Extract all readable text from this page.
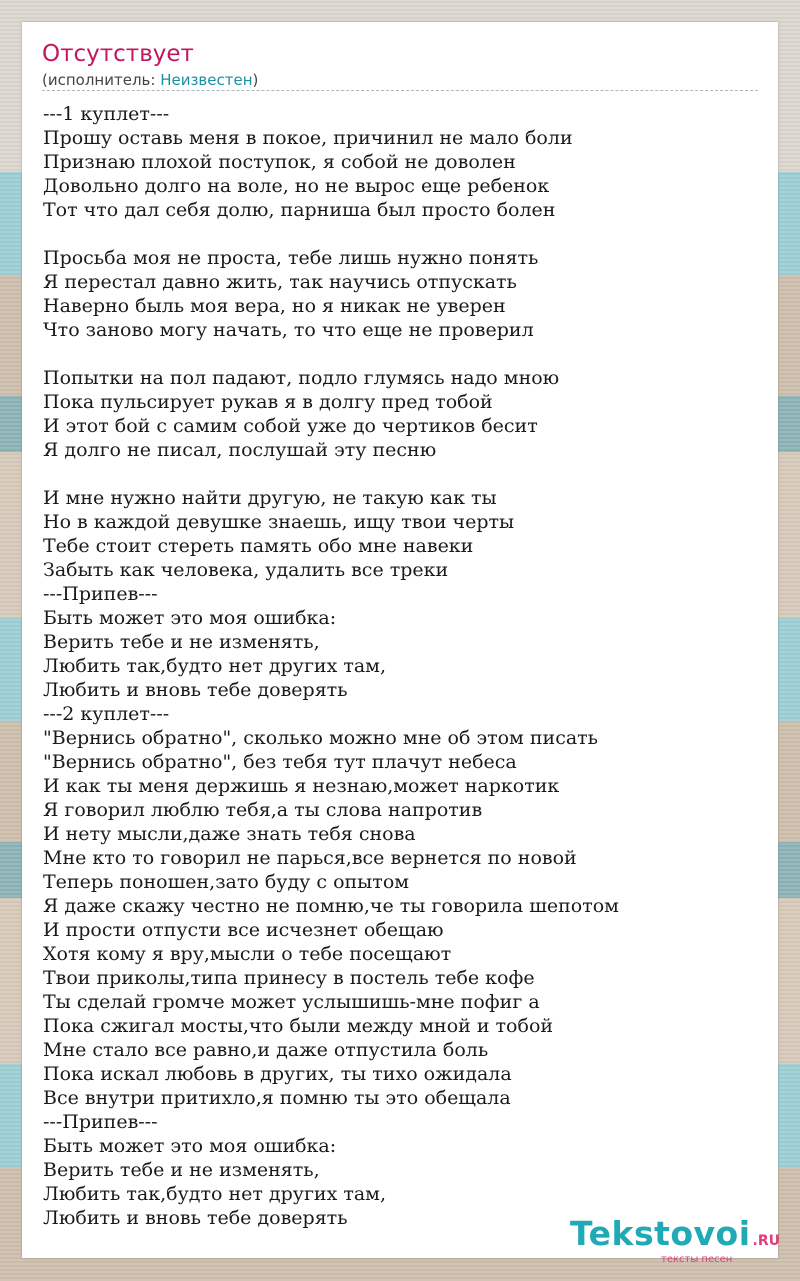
Отсутствует
(исполнитель: Неизвестен)
---1 куплет---
Прошу оставь меня в покое, причинил не мало боли
Признаю плохой поступок, я собой не доволен
Довольно долго на воле, но не вырос еще ребенок
Тот что дал себя долю, парниша был просто болен
Просьба моя не проста, тебе лишь нужно понять
Я перестал давно жить, так научись отпускать
Наверно быль моя вера, но я никак не уверен
Что заново могу начать, то что еще не проверил
Попытки на пол падают, подло глумясь надо мною
Пока пульсирует рукав я в долгу пред тобой
И этот бой с самим собой уже до чертиков бесит
Я долго не писал, послушай эту песню
И мне нужно найти другую, не такую как ты
Но в каждой девушке знаешь, ищу твои черты
Тебе стоит стереть память обо мне навеки
Забыть как человека, удалить все треки
---Припев---
Быть может это моя ошибка:
Верить тебе и не изменять,
Любить так,будто нет других там,
Любить и вновь тебе доверять
---2 куплет---
"Вернись обратно", сколько можно мне об этом писать
"Вернись обратно", без тебя тут плачут небеса
И как ты меня держишь я незнаю,может наркотик
Я говорил люблю тебя,а ты слова напротив
И нету мысли,даже знать тебя снова
Мне кто то говорил не парься,все вернется по новой
Теперь поношен,зато буду с опытом
Я даже скажу честно не помню,че ты говорила шепотом
И прости отпусти все исчезнет обещаю
Хотя кому я вру,мысли о тебе посещают
Твои приколы,типа принесу в постель тебе кофе
Ты сделай громче может услышишь-мне пофиг а
Пока сжигал мосты,что были между мной и тобой
Мне стало все равно,и даже отпустила боль
Пока искал любовь в других, ты тихо ожидала
Все внутри притихло,я помню ты это обещала
---Припев---
Быть может это моя ошибка:
Верить тебе и не изменять,
Любить так,будто нет других там,
Любить и вновь тебе доверять	Tekstovoi .RU
тексты песен
